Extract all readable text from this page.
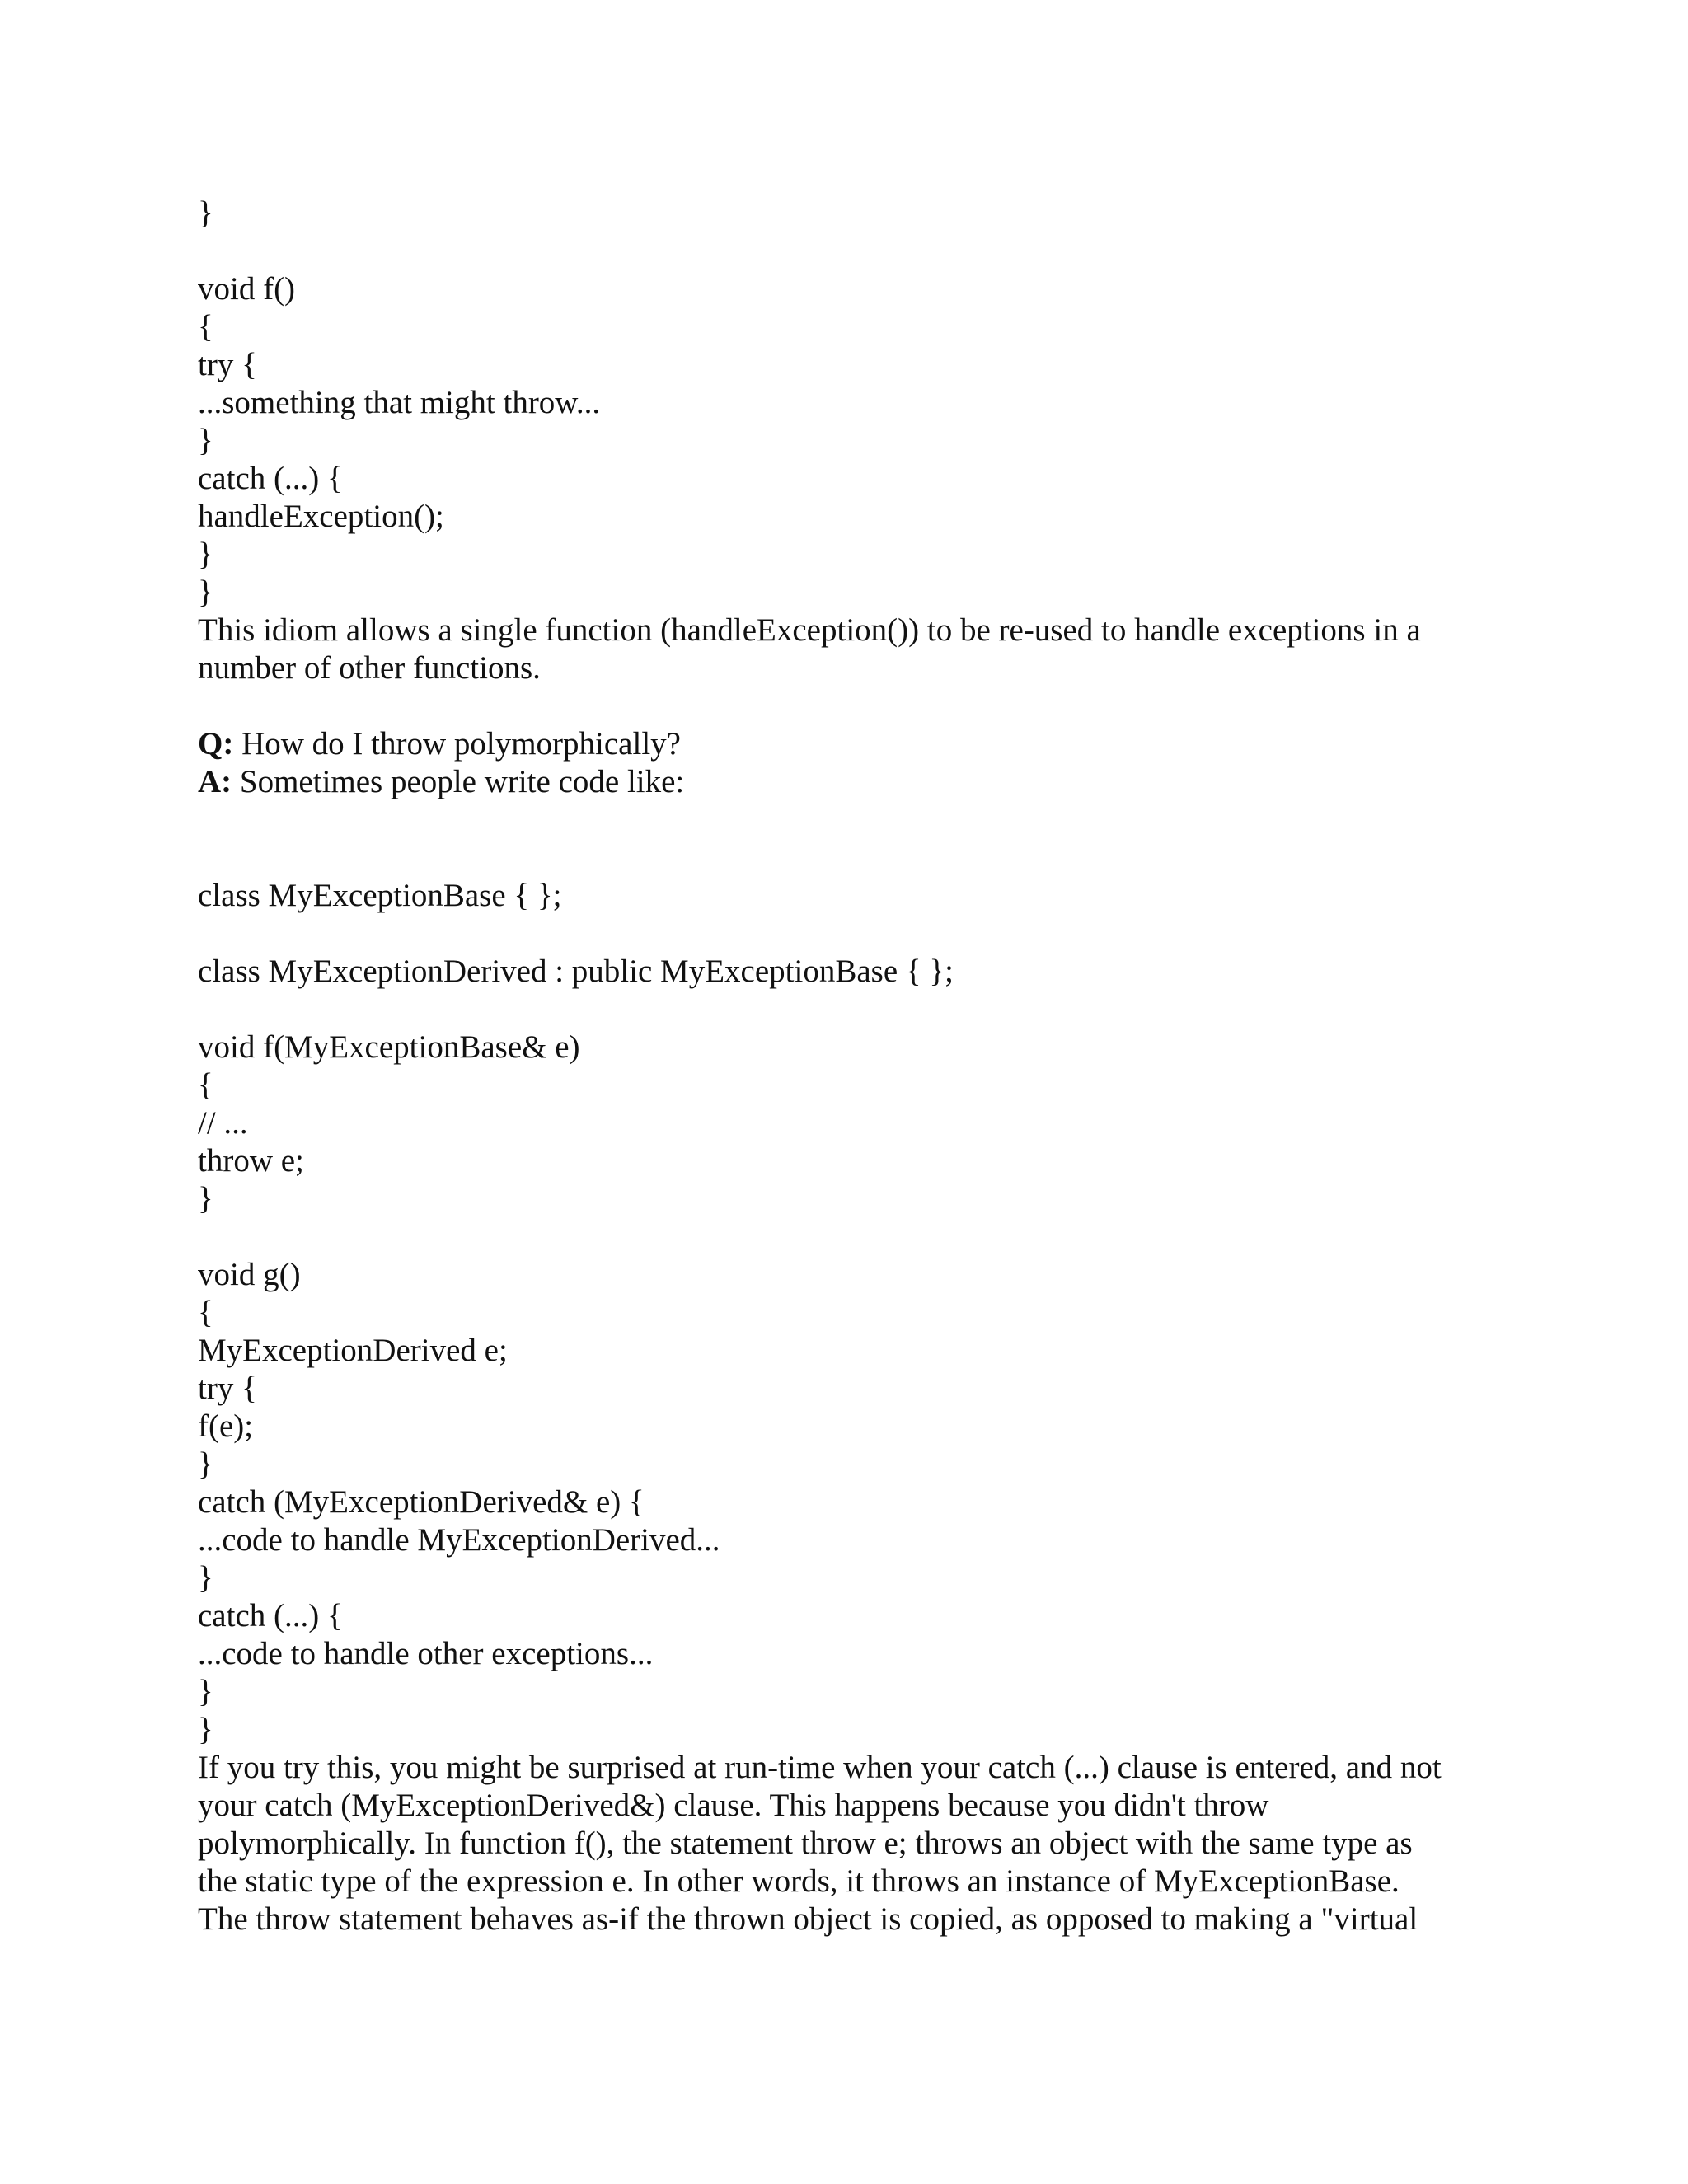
}

void f()

{

try {

...something that might throw...

}

catch (...) {

handleException();

}

}

This idiom allows a single function (handleException()) to be re-used to handle exceptions in a

number of other functions.

Q: How do I throw polymorphically?

A: Sometimes people write code like:

class MyExceptionBase { };

class MyExceptionDerived : public MyExceptionBase { };

void f(MyExceptionBase& e)

{

// ...

throw e;

}

void g()

{

MyExceptionDerived e;

try {

f(e);

}

catch (MyExceptionDerived& e) {

...code to handle MyExceptionDerived...

}

catch (...) {

...code to handle other exceptions...

}

}

If you try this, you might be surprised at run-time when your catch (...) clause is entered, and not

your catch (MyExceptionDerived&) clause. This happens because you didn't throw

polymorphically. In function f(), the statement throw e; throws an object with the same type as

the static type of the expression e. In other words, it throws an instance of MyExceptionBase.

The throw statement behaves as-if the thrown object is copied, as opposed to making a "virtual
